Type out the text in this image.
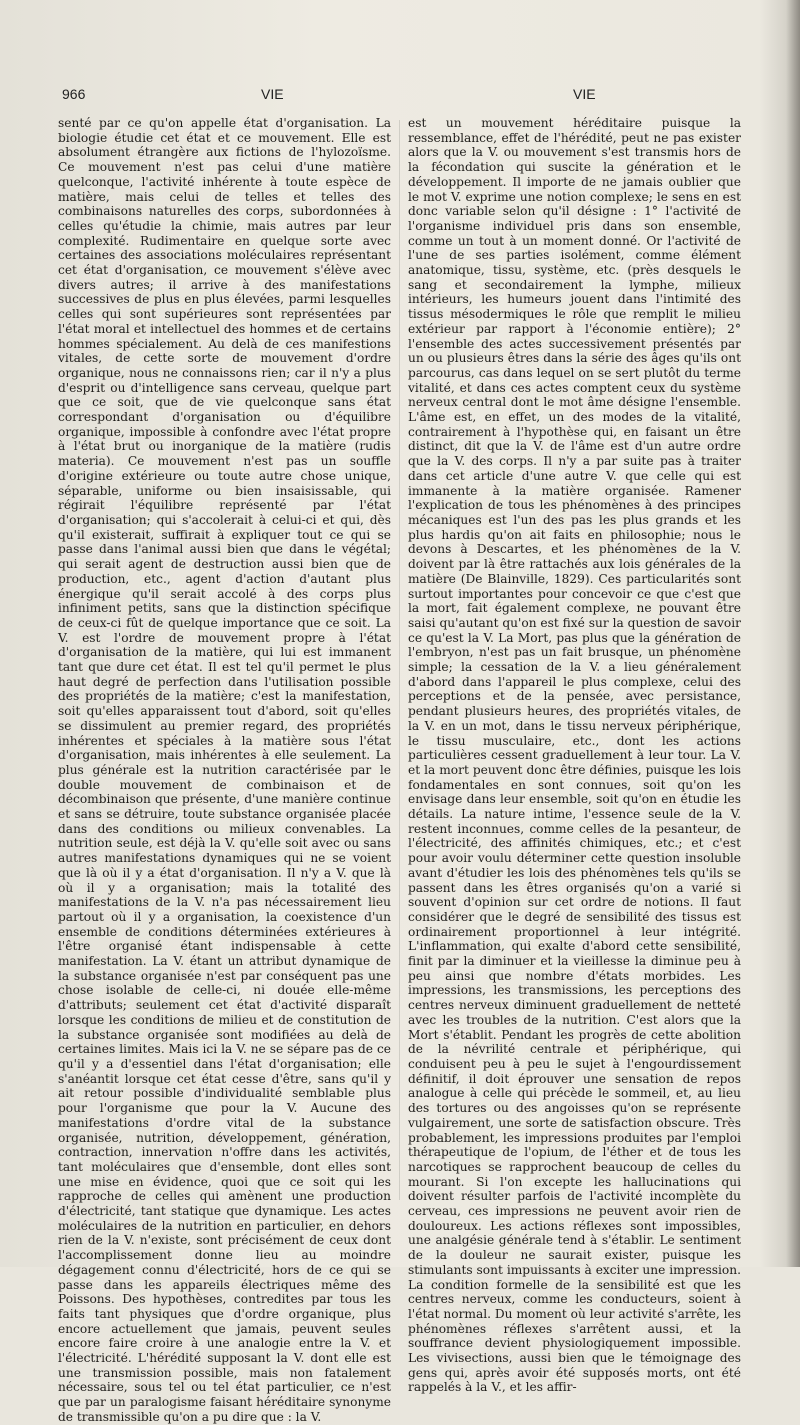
966	VIE	VIE

senté par ce qu'on appelle état d'organisation. La biologie étudie cet état et ce mouvement. Elle est absolument étrangère aux fictions de l'hylozoïsme. Ce mouvement n'est pas celui d'une matière quelconque, l'activité inhérente à toute espèce de matière, mais celui de telles et telles des combinaisons naturelles des corps, subordonnées à celles qu'étudie la chimie, mais autres par leur complexité. Rudimentaire en quelque sorte avec certaines des associations moléculaires représentant cet état d'organisation, ce mouvement s'élève avec divers autres; il arrive à des manifestations successives de plus en plus élevées, parmi lesquelles celles qui sont supérieures sont représentées par l'état moral et intellectuel des hommes et de certains hommes spécialement. Au delà de ces manifestions vitales, de cette sorte de mouvement d'ordre organique, nous ne connaissons rien; car il n'y a plus d'esprit ou d'intelligence sans cerveau, quelque part que ce soit, que de vie quelconque sans état correspondant d'organisation ou d'équilibre organique, impossible à confondre avec l'état propre à l'état brut ou inorganique de la matière (rudis materia). Ce mouvement n'est pas un souffle d'origine extérieure ou toute autre chose unique, séparable, uniforme ou bien insaisissable, qui régirait l'équilibre représenté par l'état d'organisation; qui s'accolerait à celui-ci et qui, dès qu'il existerait, suffirait à expliquer tout ce qui se passe dans l'animal aussi bien que dans le végétal; qui serait agent de destruction aussi bien que de production, etc., agent d'action d'autant plus énergique qu'il serait accolé à des corps plus infiniment petits, sans que la distinction spécifique de ceux-ci fût de quelque importance que ce soit. La V. est l'ordre de mouvement propre à l'état d'organisation de la matière, qui lui est immanent tant que dure cet état. Il est tel qu'il permet le plus haut degré de perfection dans l'utilisation possible des propriétés de la matière; c'est la manifestation, soit qu'elles apparaissent tout d'abord, soit qu'elles se dissimulent au premier regard, des propriétés inhérentes et spéciales à la matière sous l'état d'organisation, mais inhérentes à elle seulement. La plus générale est la nutrition caractérisée par le double mouvement de combinaison et de décombinaison que présente, d'une manière continue et sans se détruire, toute substance organisée placée dans des conditions ou milieux convenables. La nutrition seule, est déjà la V. qu'elle soit avec ou sans autres manifestations dynamiques qui ne se voient que là où il y a état d'organisation. Il n'y a V. que là où il y a organisation; mais la totalité des manifestations de la V. n'a pas nécessairement lieu partout où il y a organisation, la coexistence d'un ensemble de conditions déterminées extérieures à l'être organisé étant indispensable à cette manifestation. La V. étant un attribut dynamique de la substance organisée n'est par conséquent pas une chose isolable de celle-ci, ni douée elle-même d'attributs; seulement cet état d'activité disparaît lorsque les conditions de milieu et de constitution de la substance organisée sont modifiées au delà de certaines limites. Mais ici la V. ne se sépare pas de ce qu'il y a d'essentiel dans l'état d'organisation; elle s'anéantit lorsque cet état cesse d'être, sans qu'il y ait retour possible d'individualité semblable plus pour l'organisme que pour la V. Aucune des manifestations d'ordre vital de la substance organisée, nutrition, développement, génération, contraction, innervation n'offre dans les activités, tant moléculaires que d'ensemble, dont elles sont une mise en évidence, quoi que ce soit qui les rapproche de celles qui amènent une production d'électricité, tant statique que dynamique. Les actes moléculaires de la nutrition en particulier, en dehors rien de la V. n'existe, sont précisément de ceux dont l'accomplissement donne lieu au moindre dégagement connu d'électricité, hors de ce qui se passe dans les appareils électriques même des Poissons. Des hypothèses, contredites par tous les faits tant physiques que d'ordre organique, plus encore actuellement que jamais, peuvent seules encore faire croire à une analogie entre la V. et l'électricité. L'hérédité supposant la V. dont elle est une transmission possible, mais non fatalement nécessaire, sous tel ou tel état particulier, ce n'est que par un paralogisme faisant héréditaire synonyme de transmissible qu'on a pu dire que : la V.

est un mouvement héréditaire puisque la ressemblance, effet de l'hérédité, peut ne pas exister alors que la V. ou mouvement s'est transmis hors de la fécondation qui suscite la génération et le développement. Il importe de ne jamais oublier que le mot V. exprime une notion complexe; le sens en est donc variable selon qu'il désigne : 1° l'activité de l'organisme individuel pris dans son ensemble, comme un tout à un moment donné. Or l'activité de l'une de ses parties isolément, comme élément anatomique, tissu, système, etc. (près desquels le sang et secondairement la lymphe, milieux intérieurs, les humeurs jouent dans l'intimité des tissus mésodermiques le rôle que remplit le milieu extérieur par rapport à l'économie entière); 2° l'ensemble des actes successivement présentés par un ou plusieurs êtres dans la série des âges qu'ils ont parcourus, cas dans lequel on se sert plutôt du terme vitalité, et dans ces actes comptent ceux du système nerveux central dont le mot âme désigne l'ensemble. L'âme est, en effet, un des modes de la vitalité, contrairement à l'hypothèse qui, en faisant un être distinct, dit que la V. de l'âme est d'un autre ordre que la V. des corps. Il n'y a par suite pas à traiter dans cet article d'une autre V. que celle qui est immanente à la matière organisée. Ramener l'explication de tous les phénomènes à des principes mécaniques est l'un des pas les plus grands et les plus hardis qu'on ait faits en philosophie; nous le devons à Descartes, et les phénomènes de la V. doivent par là être rattachés aux lois générales de la matière (De Blainville, 1829). Ces particularités sont surtout importantes pour concevoir ce que c'est que la mort, fait également complexe, ne pouvant être saisi qu'autant qu'on est fixé sur la question de savoir ce qu'est la V. La Mort, pas plus que la génération de l'embryon, n'est pas un fait brusque, un phénomène simple; la cessation de la V. a lieu généralement d'abord dans l'appareil le plus complexe, celui des perceptions et de la pensée, avec persistance, pendant plusieurs heures, des propriétés vitales, de la V. en un mot, dans le tissu nerveux périphérique, le tissu musculaire, etc., dont les actions particulières cessent graduellement à leur tour. La V. et la mort peuvent donc être définies, puisque les lois fondamentales en sont connues, soit qu'on les envisage dans leur ensemble, soit qu'on en étudie les détails. La nature intime, l'essence seule de la V. restent inconnues, comme celles de la pesanteur, de l'électricité, des affinités chimiques, etc.; et c'est pour avoir voulu déterminer cette question insoluble avant d'étudier les lois des phénomènes tels qu'ils se passent dans les êtres organisés qu'on a varié si souvent d'opinion sur cet ordre de notions. Il faut considérer que le degré de sensibilité des tissus est ordinairement proportionnel à leur intégrité. L'inflammation, qui exalte d'abord cette sensibilité, finit par la diminuer et la vieillesse la diminue peu à peu ainsi que nombre d'états morbides. Les impressions, les transmissions, les perceptions des centres nerveux diminuent graduellement de netteté avec les troubles de la nutrition. C'est alors que la Mort s'établit. Pendant les progrès de cette abolition de la névrilité centrale et périphérique, qui conduisent peu à peu le sujet à l'engourdissement définitif, il doit éprouver une sensation de repos analogue à celle qui précède le sommeil, et, au lieu des tortures ou des angoisses qu'on se représente vulgairement, une sorte de satisfaction obscure. Très probablement, les impressions produites par l'emploi thérapeutique de l'opium, de l'éther et de tous les narcotiques se rapprochent beaucoup de celles du mourant. Si l'on excepte les hallucinations qui doivent résulter parfois de l'activité incomplète du cerveau, ces impressions ne peuvent avoir rien de douloureux. Les actions réflexes sont impossibles, une analgésie générale tend à s'établir. Le sentiment de la douleur ne saurait exister, puisque les stimulants sont impuissants à exciter une impression. La condition formelle de la sensibilité est que les centres nerveux, comme les conducteurs, soient à l'état normal. Du moment où leur activité s'arrête, les phénomènes réflexes s'arrêtent aussi, et la souffrance devient physiologiquement impossible. Les vivisections, aussi bien que le témoignage des gens qui, après avoir été supposés morts, ont été rappelés à la V., et les affir-
